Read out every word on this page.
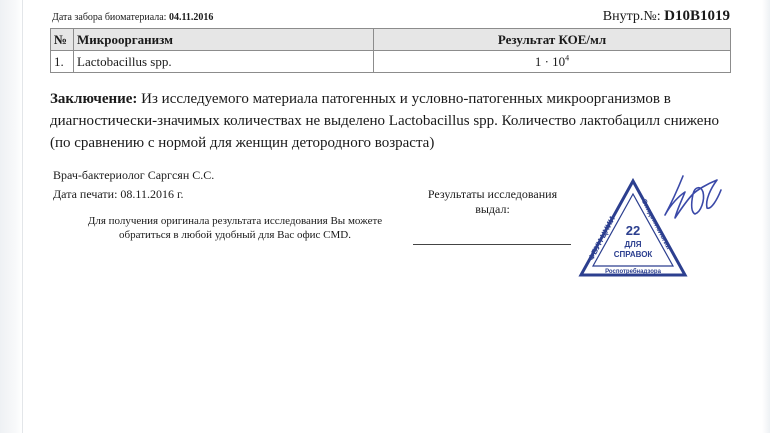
Дата забора биоматериала: 04.11.2016	Внутр.№: D10B1019
№	Микроорганизм	Результат КОЕ/мл
1.	Lactobacillus spp.	$1 \cdot 10^4$
Заключение: Из исследуемого материала патогенных и условно-патогенных микроорганизмов в диагностически-значимых количествах не выделено Lactobacillus spp. Количество лактобацилл снижено (по сравнению с нормой для женщин детородного возраста)
Врач-бактериолог Саргсян С.С.
Дата печати: 08.11.2016 г.
Для получения оригинала результата исследования Вы можете обратиться в любой удобный для Вас офис CMD.
Результаты исследования выдал:
ФБУН ЦНИИ
Эпидемиологии
22
ДЛЯ
СПРАВОК
Роспотребнадзора
